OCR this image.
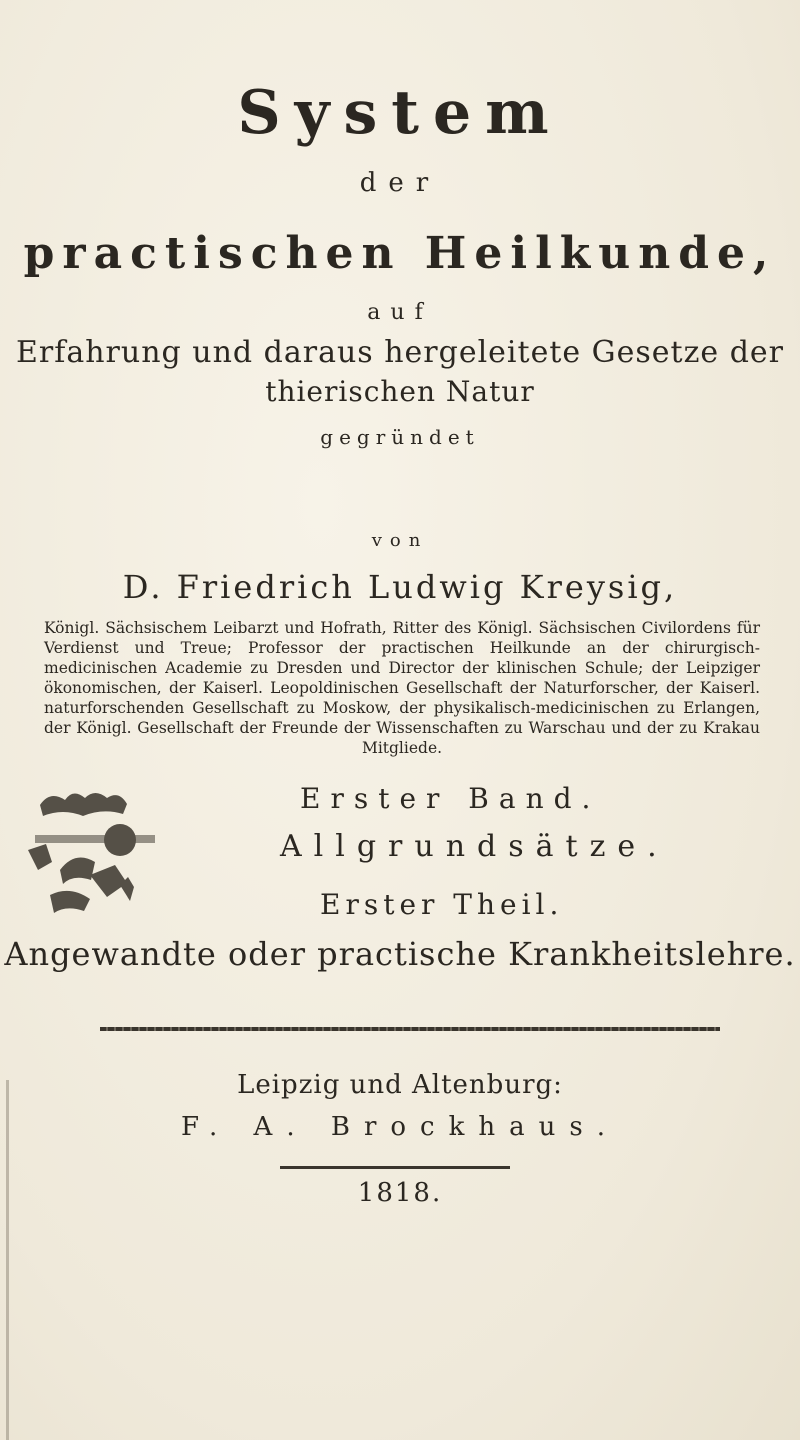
System
der
practischen Heilkunde,
auf
Erfahrung und daraus hergeleitete Gesetze der
thierischen Natur
gegründet
von
D. Friedrich Ludwig Kreysig,
Königl. Sächsischem Leibarzt und Hofrath, Ritter des Königl. Sächsischen Civilordens für Verdienst und Treue; Professor der practischen Heilkunde an der chirurgisch-medicinischen Academie zu Dresden und Director der klinischen Schule; der Leipziger ökonomischen, der Kaiserl. Leopoldinischen Gesellschaft der Naturforscher, der Kaiserl. naturforschenden Gesellschaft zu Moskow, der physikalisch-medicinischen zu Erlangen, der Königl. Gesellschaft der Freunde der Wissenschaften zu Warschau und der zu Krakau Mitgliede.
Erster Band.
Allgrundsätze.
Erster Theil.
Angewandte oder practische Krankheitslehre.
Leipzig und Altenburg:
F. A. Brockhaus.
1818.
